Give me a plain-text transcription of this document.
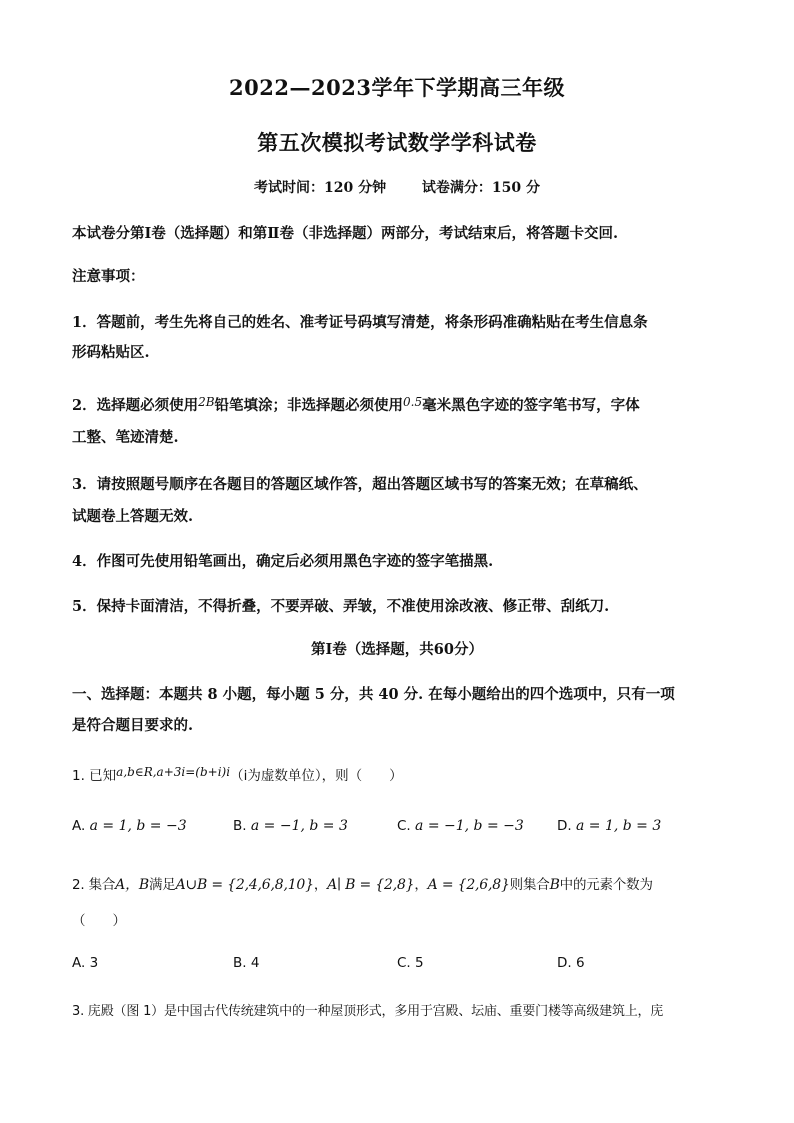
2022—2023学年下学期高三年级
第五次模拟考试数学学科试卷
考试时间：120 分钟	试卷满分：150 分
本试卷分第Ⅰ卷（选择题）和第Ⅱ卷（非选择题）两部分，考试结束后，将答题卡交回.
注意事项：
1．答题前，考生先将自己的姓名、准考证号码填写清楚，将条形码准确粘贴在考生信息条
形码粘贴区.
2．选择题必须使用$^{2B}$铅笔填涂；非选择题必须使用$^{0.5}$毫米黑色字迹的签字笔书写，字体
工整、笔迹清楚.
3．请按照题号顺序在各题目的答题区域作答，超出答题区域书写的答案无效；在草稿纸、
试题卷上答题无效.
4．作图可先使用铅笔画出，确定后必须用黑色字迹的签字笔描黑.
5．保持卡面清洁，不得折叠，不要弄破、弄皱，不准使用涂改液、修正带、刮纸刀.
第Ⅰ卷（选择题，共60分）
一、选择题：本题共 8 小题，每小题 5 分，共 40 分. 在每小题给出的四个选项中，只有一项
是符合题目要求的.
1. 已知a,b∈R,a+3i=(b+i)i（i为虚数单位），则（　　）
A. a = 1, b = −3	B. a = −1, b = 3	C. a = −1, b = −3 D. a = 1, b = 3
2. 集合A，B满足A∪B = {2,4,6,8,10}，A∣ B = {2,8}，A = {2,6,8}则集合B中的元素个数为
（　　）
A. 3	B. 4	C. 5	D. 6
3. 庑殿（图 1）是中国古代传统建筑中的一种屋顶形式，多用于宫殿、坛庙、重要门楼等高级建筑上，庑
